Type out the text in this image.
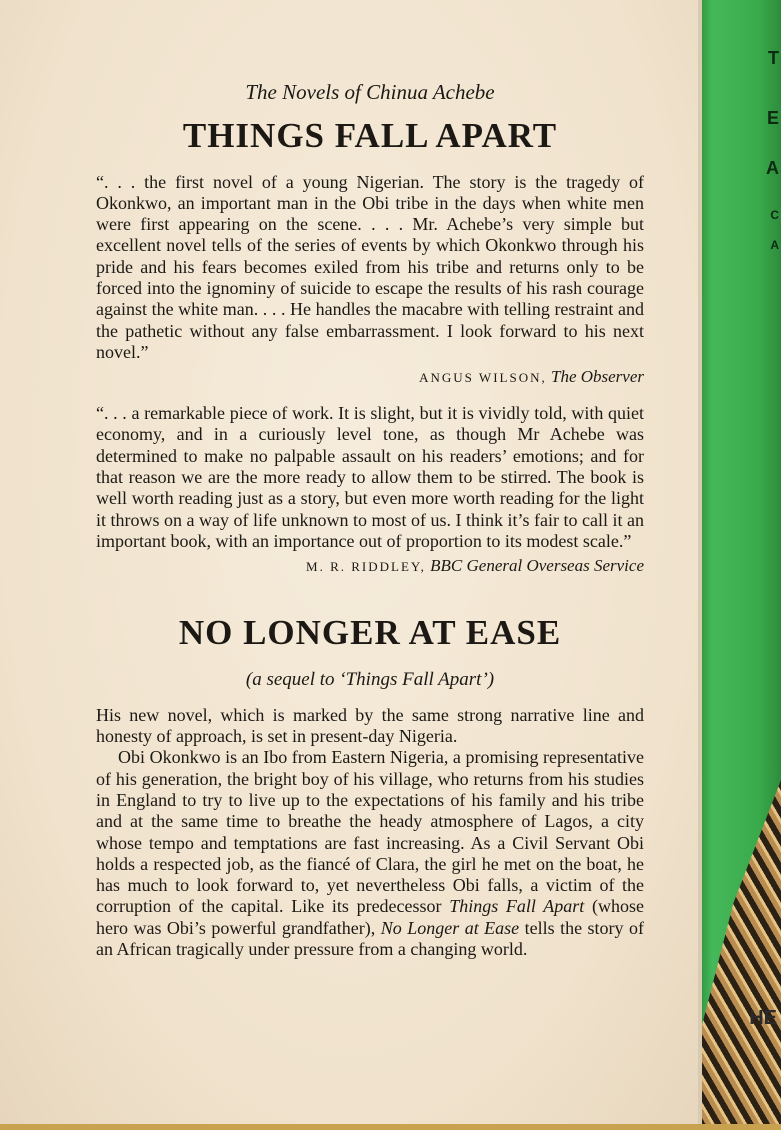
The Novels of Chinua Achebe

THINGS FALL APART

“. . . the first novel of a young Nigerian. The story is the tragedy of Okonkwo, an important man in the Obi tribe in the days when white men were first appearing on the scene. . . . Mr. Achebe’s very simple but excellent novel tells of the series of events by which Okonkwo through his pride and his fears becomes exiled from his tribe and returns only to be forced into the ignominy of suicide to escape the results of his rash courage against the white man. . . . He handles the macabre with telling restraint and the pathetic without any false embarrassment. I look forward to his next novel.”

ANGUS WILSON, The Observer

“. . . a remarkable piece of work. It is slight, but it is vividly told, with quiet economy, and in a curiously level tone, as though Mr Achebe was determined to make no palpable assault on his readers’ emotions; and for that reason we are the more ready to allow them to be stirred. The book is well worth reading just as a story, but even more worth reading for the light it throws on a way of life unknown to most of us. I think it’s fair to call it an important book, with an importance out of proportion to its modest scale.”

M. R. RIDDLEY, BBC General Overseas Service

NO LONGER AT EASE

(a sequel to ‘Things Fall Apart’)

His new novel, which is marked by the same strong narrative line and honesty of approach, is set in present-day Nigeria.

Obi Okonkwo is an Ibo from Eastern Nigeria, a promising representative of his generation, the bright boy of his village, who returns from his studies in England to try to live up to the expectations of his family and his tribe and at the same time to breathe the heady atmosphere of Lagos, a city whose tempo and temptations are fast increasing. As a Civil Servant Obi holds a respected job, as the fiancé of Clara, the girl he met on the boat, he has much to look forward to, yet nevertheless Obi falls, a victim of the corruption of the capital. Like its predecessor Things Fall Apart (whose hero was Obi’s powerful grandfather), No Longer at Ease tells the story of an African tragically under pressure from a changing world.

T
E
A
C
A
HE
